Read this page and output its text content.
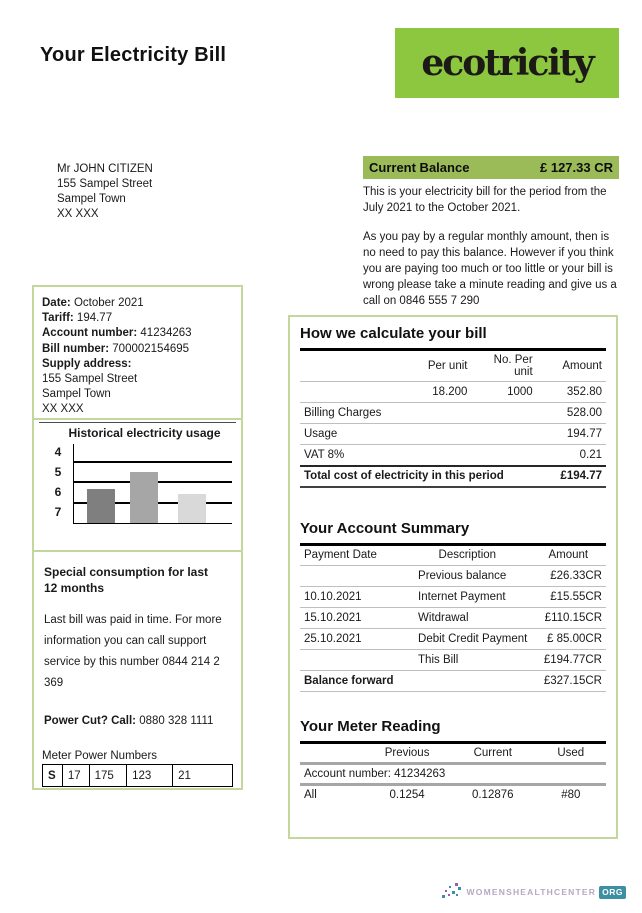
Your Electricity Bill	ecotricity
Mr JOHN CITIZEN
155 Sampel Street
Sampel Town
XX XXX
Current Balance	£ 127.33 CR

This is your electricity bill for the period from the July 2021 to the October 2021.

As you pay by a regular monthly amount, then is no need to pay this balance. However if you think you are paying too much or too little or your bill is wrong please take a minute reading and give us a call on 0846 555 7 290

Date: October 2021
Tariff: 194.77
Account number: 41234263
Bill number: 700002154695
Supply address:
155 Sampel Street
Sampel Town
XX XXX
Historical electricity usage
4
5
6
7
Special consumption for last 12 months
Last bill was paid in time. For more information you can call support service by this number 0844 214 2 369
Power Cut? Call: 0880 328 1111
Meter Power Numbers
S	17	175	123	21
How we calculate your bill
	Per unit	No. Per unit	Amount
	18.200	1000	352.80
Billing Charges			528.00
Usage			194.77
VAT 8%			0.21
Total cost of electricity in this period			£194.77
Your Account Summary
Payment Date	Description	Amount
	Previous balance	£26.33CR
10.10.2021	Internet Payment	£15.55CR
15.10.2021	Witdrawal	£110.15CR
25.10.2021	Debit Credit Payment	£ 85.00CR
	This Bill	£194.77CR
Balance forward		£327.15CR
Your Meter Reading
	Previous	Current	Used
Account number: 41234263			
All	0.1254	0.12876	#80
WOMENSHEALTHCENTER ORG
